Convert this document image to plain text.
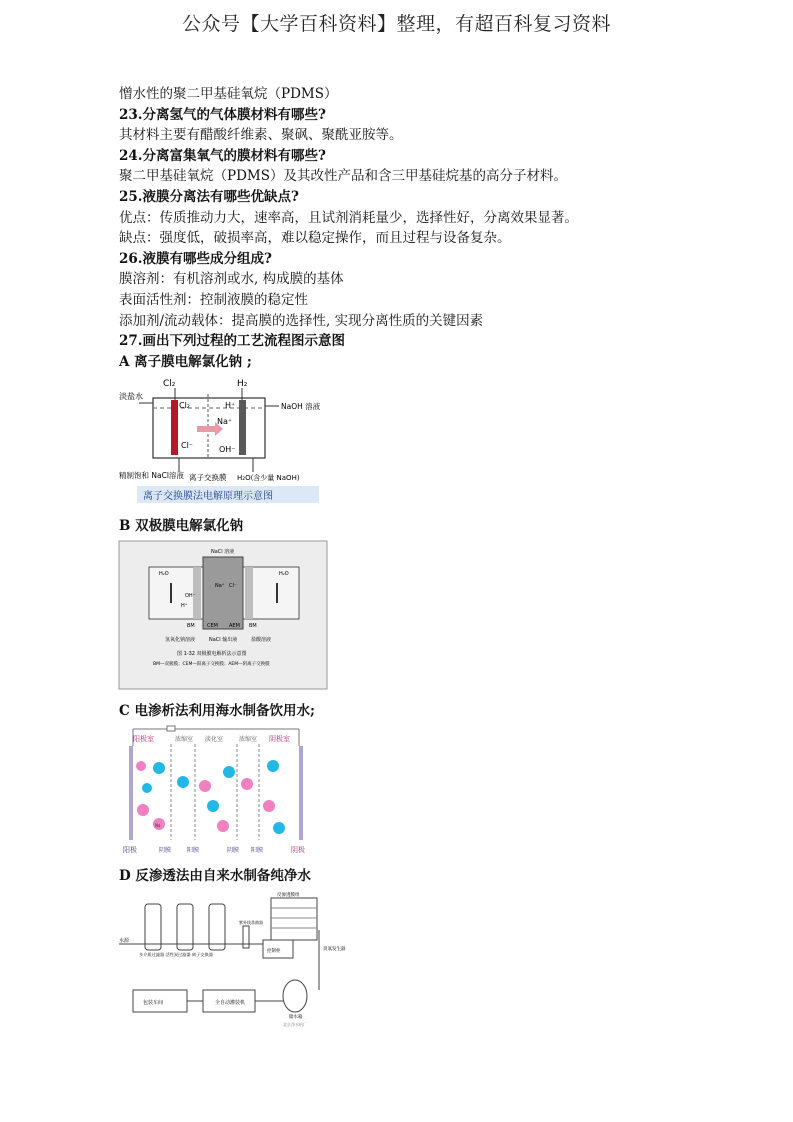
公众号【大学百科资料】整理，有超百科复习资料
憎水性的聚二甲基硅氧烷（PDMS）
23.分离氢气的气体膜材料有哪些?
其材料主要有醋酸纤维素、聚砜、聚酰亚胺等。
24.分离富集氧气的膜材料有哪些?
聚二甲基硅氧烷（PDMS）及其改性产品和含三甲基硅烷基的高分子材料。
25.液膜分离法有哪些优缺点?
优点：传质推动力大，速率高，且试剂消耗量少，选择性好，分离效果显著。
缺点：强度低，破损率高，难以稳定操作，而且过程与设备复杂。
26.液膜有哪些成分组成?
膜溶剂：有机溶剂或水, 构成膜的基体
表面活性剂：控制液膜的稳定性
添加剂/流动载体：提高膜的选择性, 实现分离性质的关键因素
27.画出下列过程的工艺流程图示意图
A 离子膜电解氯化钠 ;
Cl₂	H₂
Cl₂	H⁺
Na⁺
Cl⁻	OH⁻
淡盐水
NaOH 溶液
精制饱和 NaCl溶液 离子交换膜 H₂O(含少量 NaOH)
离子交换膜法电解原理示意图
B 双极膜电解氯化钠
NaCl 溶液
H₂O	H₂O
OH⁻
H⁺
Na⁺ Cl⁻
BM CEM AEM BM
氢氧化钠溶液	NaCl 输出液	盐酸溶液
图 1-32 双极膜电解析法示意图
BM—双极膜；CEM—阳离子交换膜；AEM—阴离子交换膜
C 电渗析法利用海水制备饮用水;
阳极室	浓缩室 淡化室	浓缩室 阴极室
Na
阳极	阴膜	阳膜	阴膜 阳膜	阴极
D 反渗透法由自来水制备纯净水
水源
多介质过滤器 活性炭过滤器 离子交换器
反渗透膜组
控制柜	臭氧发生器
储水箱
全自动灌装机
包装车间
紫外线杀菌器
北京净水机厂
